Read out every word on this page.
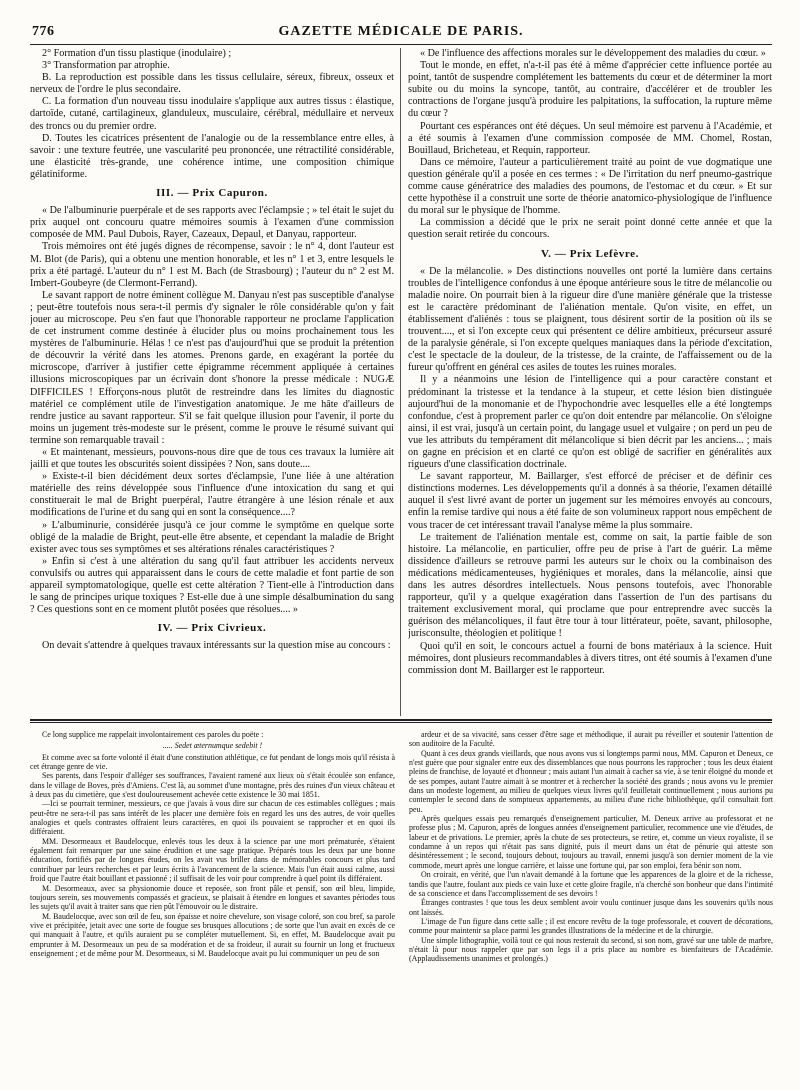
776	GAZETTE MÉDICALE DE PARIS.

2° Formation d'un tissu plastique (inodulaire) ;

3° Transformation par atrophie.

B. La reproduction est possible dans les tissus cellulaire, séreux, fibreux, osseux et nerveux de l'ordre le plus secondaire.

C. La formation d'un nouveau tissu inodulaire s'applique aux autres tissus : élastique, dartoïde, cutané, cartilagineux, glanduleux, musculaire, cérébral, médullaire et nerveux des troncs ou du premier ordre.

D. Toutes les cicatrices présentent de l'analogie ou de la ressemblance entre elles, à savoir : une texture feutrée, une vascularité peu prononcée, une rétractilité considérable, une élasticité très-grande, une cohérence intime, une composition chimique gélatiniforme.

III. — Prix Capuron.

« De l'albuminurie puerpérale et de ses rapports avec l'éclampsie ; » tel était le sujet du prix auquel ont concouru quatre mémoires soumis à l'examen d'une commission composée de MM. Paul Dubois, Rayer, Cazeaux, Depaul, et Danyau, rapporteur.

Trois mémoires ont été jugés dignes de récompense, savoir : le n° 4, dont l'auteur est M. Blot (de Paris), qui a obtenu une mention honorable, et les n° 1 et 3, entre lesquels le prix a été partagé. L'auteur du n° 1 est M. Bach (de Strasbourg) ; l'auteur du n° 2 est M. Imbert-Goubeyre (de Clermont-Ferrand).

Le savant rapport de notre éminent collègue M. Danyau n'est pas susceptible d'analyse ; peut-être toutefois nous sera-t-il permis d'y signaler le rôle considérable qu'on y fait jouer au microscope. Peu s'en faut que l'honorable rapporteur ne proclame l'application de cet instrument comme destinée à élucider plus ou moins prochainement tous les mystères de l'albuminurie. Hélas ! ce n'est pas d'aujourd'hui que se produit la prétention de découvrir la vérité dans les atomes. Prenons garde, en exagérant la portée du microscope, d'arriver à justifier cette épigramme récemment appliquée à certaines illusions microscopiques par un écrivain dont s'honore la presse médicale : NUGÆ DIFFICILES ! Efforçons-nous plutôt de restreindre dans les limites du diagnostic matériel ce complément utile de l'investigation anatomique. Je me hâte d'ailleurs de rendre justice au savant rapporteur. S'il se fait quelque illusion pour l'avenir, il porte du moins un jugement très-modeste sur le présent, comme le prouve le résumé suivant qui termine son remarquable travail :

« Et maintenant, messieurs, pouvons-nous dire que de tous ces travaux la lumière ait jailli et que toutes les obscurités soient dissipées ? Non, sans doute....

» Existe-t-il bien décidément deux sortes d'éclampsie, l'une liée à une altération matérielle des reins développée sous l'influence d'une intoxication du sang et qui constituerait le mal de Bright puerpéral, l'autre étrangère à une lésion rénale et aux modifications de l'urine et du sang qui en sont la conséquence....?

» L'albuminurie, considérée jusqu'à ce jour comme le symptôme en quelque sorte obligé de la maladie de Bright, peut-elle être absente, et cependant la maladie de Bright exister avec tous ses symptômes et ses altérations rénales caractéristiques ?

» Enfin si c'est à une altération du sang qu'il faut attribuer les accidents nerveux convulsifs ou autres qui apparaissent dans le cours de cette maladie et font partie de son appareil symptomatologique, quelle est cette altération ? Tient-elle à l'introduction dans le sang de principes urique toxiques ? Est-elle due à une simple désalbumination du sang ? Ces questions sont en ce moment plutôt posées que résolues.... »

IV. — Prix Civrieux.

On devait s'attendre à quelques travaux intéressants sur la question mise au concours :

« De l'influence des affections morales sur le développement des maladies du cœur. »

Tout le monde, en effet, n'a-t-il pas été à même d'apprécier cette influence portée au point, tantôt de suspendre complétement les battements du cœur et de déterminer la mort subite ou du moins la syncope, tantôt, au contraire, d'accélérer et de troubler les contractions de l'organe jusqu'à produire les palpitations, la suffocation, la rupture même du cœur ?

Pourtant ces espérances ont été déçues. Un seul mémoire est parvenu à l'Académie, et a été soumis à l'examen d'une commission composée de MM. Chomel, Rostan, Bouillaud, Bricheteau, et Requin, rapporteur.

Dans ce mémoire, l'auteur a particulièrement traité au point de vue dogmatique une question générale qu'il a posée en ces termes : « De l'irritation du nerf pneumo-gastrique comme cause génératrice des maladies des poumons, de l'estomac et du cœur. » Et sur cette hypothèse il a construit une sorte de théorie anatomico-physiologique de l'influence du moral sur le physique de l'homme.

La commission a décidé que le prix ne serait point donné cette année et que la question serait retirée du concours.

V. — Prix Lefèvre.

« De la mélancolie. » Des distinctions nouvelles ont porté la lumière dans certains troubles de l'intelligence confondus à une époque antérieure sous le titre de mélancolie ou maladie noire. On pourrait bien à la rigueur dire d'une manière générale que la tristesse est le caractère prédominant de l'aliénation mentale. Qu'on visite, en effet, un établissement d'aliénés : tous se plaignent, tous désirent sortir de la position où ils se trouvent...., et si l'on excepte ceux qui présentent ce délire ambitieux, précurseur assuré de la paralysie générale, si l'on excepte quelques maniaques dans la période d'excitation, c'est le spectacle de la douleur, de la tristesse, de la crainte, de l'affaissement ou de la fureur qu'offrent en général ces asiles de toutes les ruines morales.

Il y a néanmoins une lésion de l'intelligence qui a pour caractère constant et prédominant la tristesse et la tendance à la stupeur, et cette lésion bien distinguée aujourd'hui de la monomanie et de l'hypochondrie avec lesquelles elle a été longtemps confondue, c'est à proprement parler ce qu'on doit entendre par mélancolie. On s'éloigne ainsi, il est vrai, jusqu'à un certain point, du langage usuel et vulgaire ; on perd un peu de vue les attributs du tempérament dit mélancolique si bien décrit par les anciens... ; mais on gagne en précision et en clarté ce qu'on est obligé de sacrifier en généralités aux rigueurs d'une classification doctrinale.

Le savant rapporteur, M. Baillarger, s'est efforcé de préciser et de définir ces distinctions modernes. Les développements qu'il a donnés à sa théorie, l'examen détaillé auquel il s'est livré avant de porter un jugement sur les mémoires envoyés au concours, enfin la remise tardive qui nous a été faite de son volumineux rapport nous empêchent de vous tracer de cet intéressant travail l'analyse même la plus sommaire.

Le traitement de l'aliénation mentale est, comme on sait, la partie faible de son histoire. La mélancolie, en particulier, offre peu de prise à l'art de guérir. La même dissidence d'ailleurs se retrouve parmi les auteurs sur le choix ou la combinaison des médications médicamenteuses, hygiéniques et morales, dans la mélancolie, ainsi que dans les autres désordres intellectuels. Nous pensons toutefois, avec l'honorable rapporteur, qu'il y a quelque exagération dans l'assertion de l'un des partisans du traitement exclusivement moral, qui proclame que pour entreprendre avec succès la guérison des mélancoliques, il faut être tour à tour littérateur, poëte, savant, philosophe, jurisconsulte, théologien et politique !

Quoi qu'il en soit, le concours actuel a fourni de bons matériaux à la science. Huit mémoires, dont plusieurs recommandables à divers titres, ont été soumis à l'examen d'une commission dont M. Baillarger est le rapporteur.

Ce long supplice me rappelait involontairement ces paroles du poëte :

..... Sedet æternumque sedebit !

Et comme avec sa forte volonté il était d'une constitution athlétique, ce fut pendant de longs mois qu'il résista à cet étrange genre de vie.

Ses parents, dans l'espoir d'alléger ses souffrances, l'avaient ramené aux lieux où s'était écoulée son enfance, dans le village de Boves, près d'Amiens. C'est là, au sommet d'une montagne, près des ruines d'un vieux château et à deux pas du cimetière, que s'est douloureusement achevée cette existence le 30 mai 1851.

—Ici se pourrait terminer, messieurs, ce que j'avais à vous dire sur chacun de ces estimables collègues ; mais peut-être ne sera-t-il pas sans intérêt de les placer une dernière fois en regard les uns des autres, de voir quelles analogies et quels contrastes offraient leurs caractères, en quoi ils pouvaient se rapprocher et en quoi ils différaient.

MM. Desormeaux et Baudelocque, enlevés tous les deux à la science par une mort prématurée, s'étaient également fait remarquer par une saine érudition et une sage pratique. Préparés tous les deux par une bonne éducation, fortifiés par de longues études, on les avait vus briller dans de mémorables concours et plus tard contribuer par leurs recherches et par leurs écrits à l'avancement de la science. Mais l'un était aussi calme, aussi froid que l'autre était bouillant et passionné ; il suffisait de les voir pour comprendre à quel point ils différaient.

M. Desormeaux, avec sa physionomie douce et reposée, son front pâle et pensif, son œil bleu, limpide, toujours serein, ses mouvements compassés et gracieux, se plaisait à étendre en longues et savantes périodes tous les sujets qu'il avait à traiter sans que rien pût l'émouvoir ou le distraire.

M. Baudelocque, avec son œil de feu, son épaisse et noire chevelure, son visage coloré, son cou bref, sa parole vive et précipitée, jetait avec une sorte de fougue ses brusques allocutions ; de sorte que l'un avait en excès de ce qui manquait à l'autre, et qu'ils auraient pu se compléter mutuellement. Si, en effet, M. Baudelocque avait pu emprunter à M. Desormeaux un peu de sa modération et de sa froideur, il aurait su fournir un long et fructueux enseignement ; et de même pour M. Desormeaux, si M. Baudelocque avait pu lui communiquer un peu de son

ardeur et de sa vivacité, sans cesser d'être sage et méthodique, il aurait pu réveiller et soutenir l'attention de son auditoire de la Faculté.

Quant à ces deux grands vieillards, que nous avons vus si longtemps parmi nous, MM. Capuron et Deneux, ce n'est guère que pour signaler entre eux des dissemblances que nous pourrons les rapprocher ; tous les deux étaient pleins de franchise, de loyauté et d'honneur ; mais autant l'un aimait à cacher sa vie, à se tenir éloigné du monde et de ses pompes, autant l'autre aimait à se montrer et à rechercher la société des grands ; nous avons vu le premier dans un modeste logement, au milieu de quelques vieux livres qu'il feuilletait continuellement ; nous aurions pu contempler le second dans de somptueux appartements, au milieu d'une riche bibliothèque, qu'il consultait fort peu.

Après quelques essais peu remarqués d'enseignement particulier, M. Deneux arrive au professorat et ne professe plus ; M. Capuron, après de longues années d'enseignement particulier, recommence une vie d'études, de labeur et de privations. Le premier, après la chute de ses protecteurs, se retire, et, comme un vieux royaliste, il se condamne à un repos qui n'était pas sans dignité, puis il meurt dans un état de pénurie qui atteste son désintéressement ; le second, toujours debout, toujours au travail, ennemi jusqu'à son dernier moment de la vie commode, meurt après une longue carrière, et laisse une fortune qui, par son emploi, fera bénir son nom.

On croirait, en vérité, que l'un n'avait demandé à la fortune que les apparences de la gloire et de la richesse, tandis que l'autre, foulant aux pieds ce vain luxe et cette gloire fragile, n'a cherché son bonheur que dans l'intimité de sa conscience et dans l'accomplissement de ses devoirs !

Étranges contrastes ! que tous les deux semblent avoir voulu continuer jusque dans les souvenirs qu'ils nous ont laissés.

L'image de l'un figure dans cette salle ; il est encore revêtu de la toge professorale, et couvert de décorations, comme pour maintenir sa place parmi les grandes illustrations de la médecine et de la chirurgie.

Une simple lithographie, voilà tout ce qui nous resterait du second, si son nom, gravé sur une table de marbre, n'était là pour nous rappeler que par son legs il a pris place au nombre es bienfaiteurs de l'Académie. (Applaudissements unanimes et prolongés.)
